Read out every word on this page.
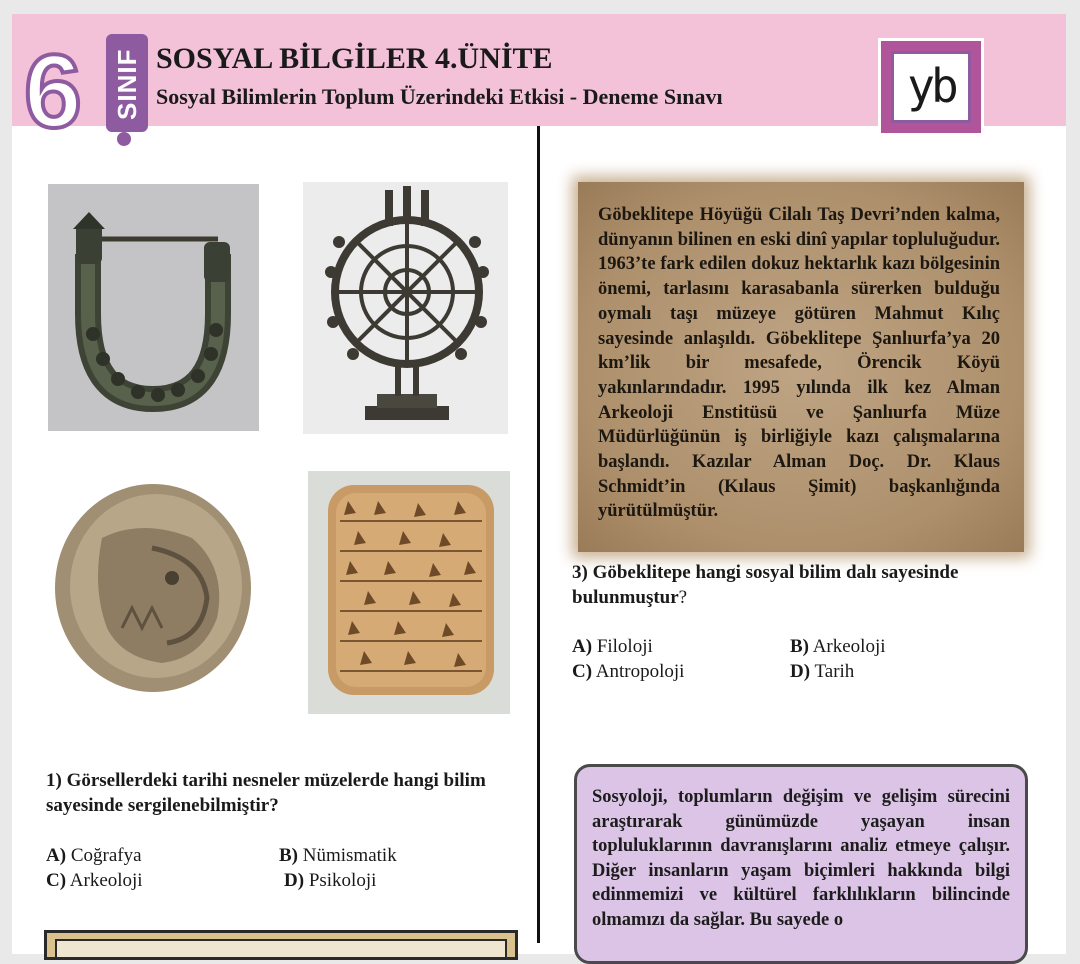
6	SINIF SOSYAL BİLGİLER 4.ÜNİTE
Sosyal Bilimlerin Toplum Üzerindeki Etkisi - Deneme Sınavı	yb
1) Görsellerdeki tarihi nesneler müzelerde hangi bilim sayesinde sergilenebilmiştir?
A) Coğrafya	B) Nümismatik
C) Arkeoloji	D) Psikoloji
Göbeklitepe Höyüğü Cilalı Taş Devri’nden kalma, dünyanın bilinen en eski dinî yapılar topluluğudur. 1963’te fark edilen dokuz hektarlık kazı bölgesinin önemi, tarlasını karasabanla sürerken bulduğu oymalı taşı müzeye götüren Mahmut Kılıç sayesinde anlaşıldı. Göbeklitepe Şanlıurfa’ya 20 km’lik bir mesafede, Örencik Köyü yakınlarındadır. 1995 yılında ilk kez Alman Arkeoloji Enstitüsü ve Şanlıurfa Müze Müdürlüğünün iş birliğiyle kazı çalışmalarına başlandı. Kazılar Alman Doç. Dr. Klaus Schmidt’in (Kılaus Şimit) başkanlığında yürütülmüştür.
3) Göbeklitepe hangi sosyal bilim dalı sayesinde bulunmuştur?
A) Filoloji	B) Arkeoloji
C) Antropoloji	D) Tarih
Sosyoloji, toplumların değişim ve gelişim sürecini araştırarak günümüzde yaşayan insan topluluklarının davranışlarını analiz etmeye çalışır. Diğer insanların yaşam biçimleri hakkında bilgi edinmemizi ve kültürel farklılıkların bilincinde olmamızı da sağlar. Bu sayede o
